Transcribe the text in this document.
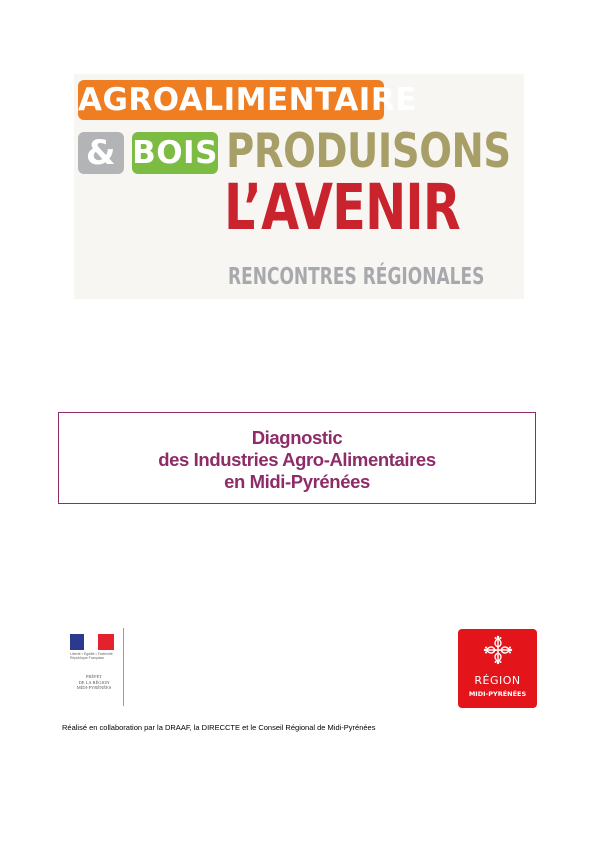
AGROALIMENTAIRE
& BOIS PRODUISONS
L’AVENIR
RENCONTRES RÉGIONALES
Diagnostic
des Industries Agro-Alimentaires
en Midi-Pyrénées
Liberté • Égalité • Fraternité
République Française
PRÉFET
DE LA RÉGION
MIDI-PYRÉNÉES
RÉGION
MIDI-PYRÉNÉES
Réalisé en collaboration par la DRAAF, la DIRECCTE et le Conseil Régional de Midi-Pyrénées
